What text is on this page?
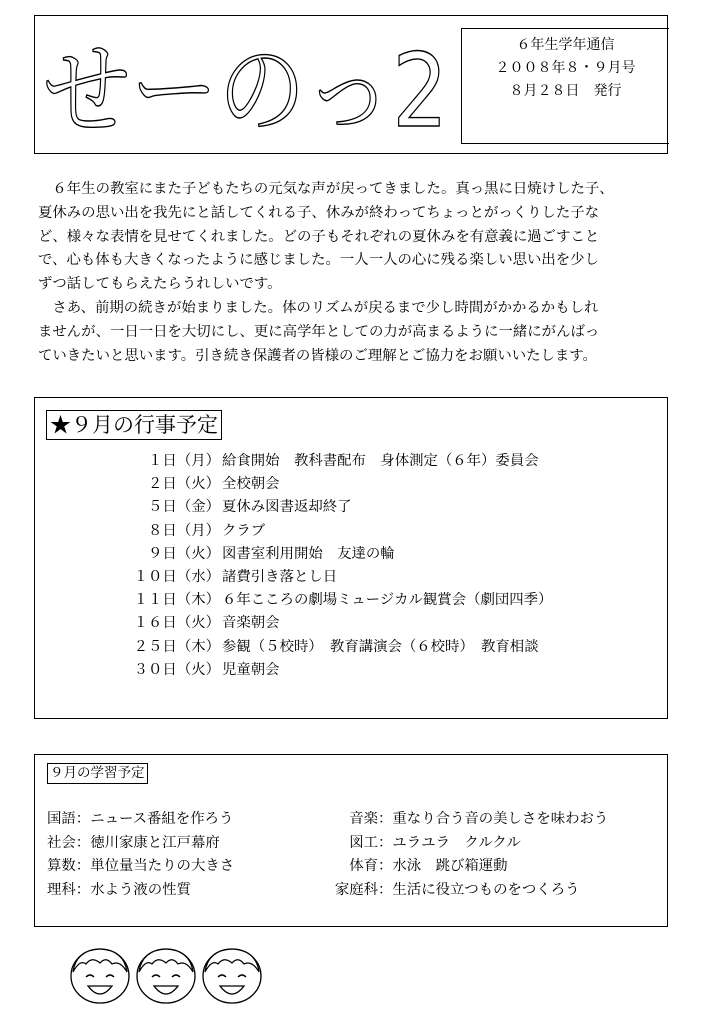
せーのっ2	６年生学年通信
２００８年８・９月号
８月２８日　発行

　６年生の教室にまた子どもたちの元気な声が戻ってきました。真っ黒に日焼けした子、

夏休みの思い出を我先にと話してくれる子、休みが終わってちょっとがっくりした子な

ど、様々な表情を見せてくれました。どの子もそれぞれの夏休みを有意義に過ごすこと

で、心も体も大きくなったように感じました。一人一人の心に残る楽しい思い出を少し

ずつ話してもらえたらうれしいです。

　さあ、前期の続きが始まりました。体のリズムが戻るまで少し時間がかかるかもしれ

ませんが、一日一日を大切にし、更に高学年としての力が高まるように一緒にがんばっ

ていきたいと思います。引き続き保護者の皆様のご理解とご協力をお願いいたします。

★９月の行事予定
１日（月） 給食開始　教科書配布　身体測定（６年）委員会
２日（火） 全校朝会
５日（金） 夏休み図書返却終了
８日（月） クラブ
９日（火） 図書室利用開始　友達の輪
１０日（水） 諸費引き落とし日
１１日（木） ６年こころの劇場ミュージカル観賞会（劇団四季）
１６日（火） 音楽朝会
２５日（木） 参観（５校時）　教育講演会（６校時）　教育相談
３０日（火） 児童朝会
９月の学習予定
国語：ニュース番組を作ろう
社会：徳川家康と江戸幕府
算数：単位量当たりの大きさ
理科：水よう液の性質
音楽：重なり合う音の美しさを味わおう
図工：ユラユラ　クルクル
体育：水泳　跳び箱運動
家庭科：生活に役立つものをつくろう
